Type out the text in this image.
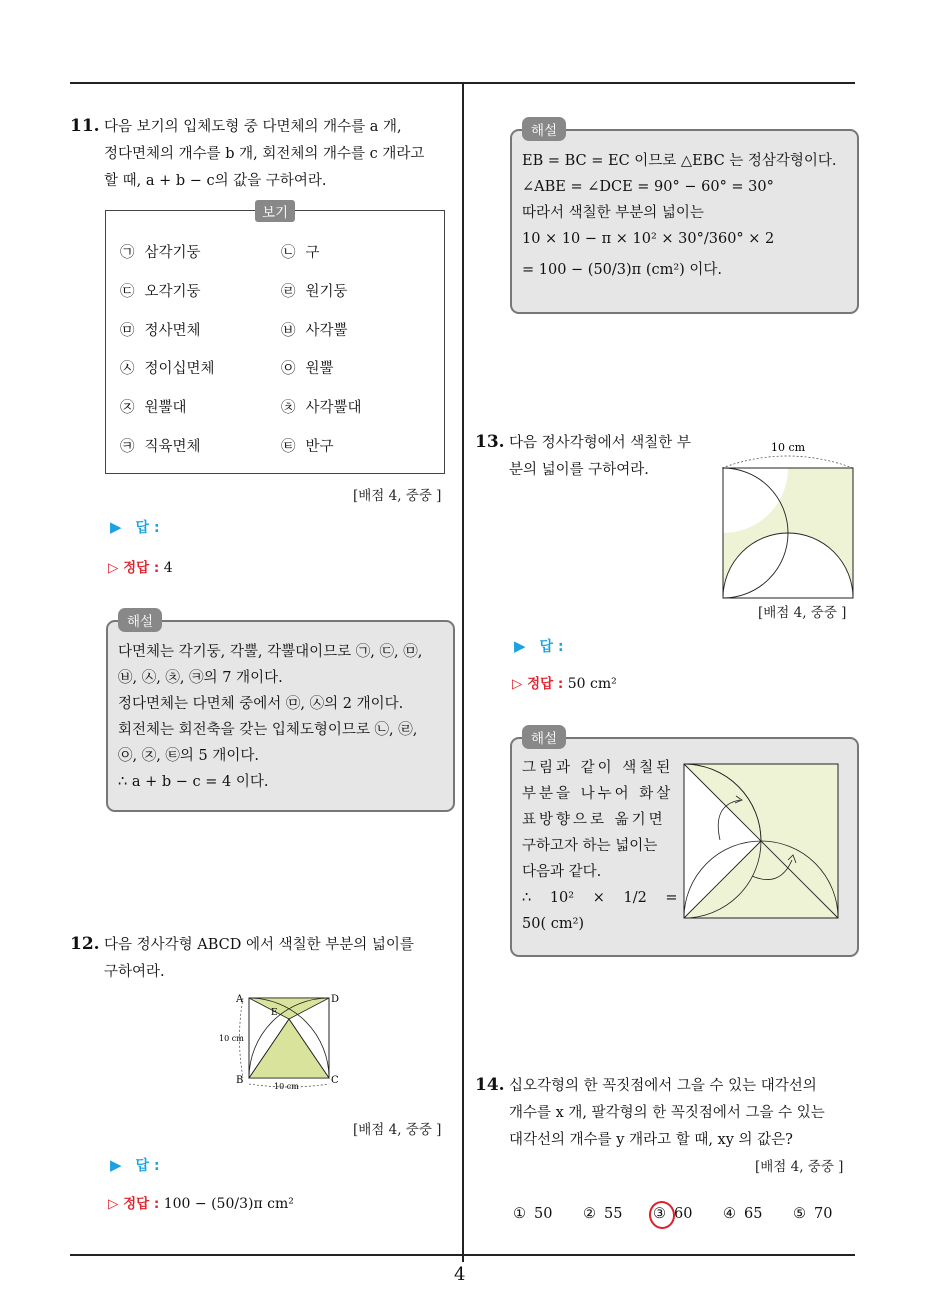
4
11. 다음 보기의 입체도형 중 다면체의 개수를 a 개,
정다면체의 개수를 b 개, 회전체의 개수를 c 개라고
할 때, a + b − c의 값을 구하여라.
보기
㉠ 삼각기둥	㉡ 구
㉢ 오각기둥	㉣ 원기둥
㉤ 정사면체	㉥ 사각뿔
㉦ 정이십면체	㉧ 원뿔
㉨ 원뿔대	㉩ 사각뿔대
㉪ 직육면체	㉫ 반구
[배점 4, 중중 ]
▶ 답 :
▷ 정답 : 4
해설
다면체는 각기둥, 각뿔, 각뿔대이므로 ㉠, ㉢, ㉤,
㉥, ㉦, ㉩, ㉪의 7 개이다.
정다면체는 다면체 중에서 ㉤, ㉦의 2 개이다.
회전체는 회전축을 갖는 입체도형이므로 ㉡, ㉣,
㉧, ㉨, ㉫의 5 개이다.
∴ a + b − c = 4 이다.
12. 다음 정사각형 ABCD 에서 색칠한 부분의 넓이를
구하여라.
A	D
B	C
E
10 cm
10 cm
[배점 4, 중중 ]
▶ 답 :
▷ 정답 : 100 − (50/3)π cm²
해설
EB = BC = EC 이므로 △EBC 는 정삼각형이다.
∠ABE = ∠DCE = 90° − 60° = 30°
따라서 색칠한 부분의 넓이는
10 × 10 − π × 10² × 30°/360° × 2
= 100 − (50/3)π (cm²) 이다.
13. 다음 정사각형에서 색칠한 부
분의 넓이를 구하여라.
10 cm
[배점 4, 중중 ]
▶ 답 :
▷ 정답 : 50 cm²
해설
그림과 같이 색칠된
부분을 나누어 화살
표방향으로 옮기면
구하고자 하는 넓이는
다음과 같다.
∴ 10² × 1/2 =
50( cm²)
14. 십오각형의 한 꼭짓점에서 그을 수 있는 대각선의
개수를 x 개, 팔각형의 한 꼭짓점에서 그을 수 있는
대각선의 개수를 y 개라고 할 때, xy 의 값은?
[배점 4, 중중 ]
① 50 ② 55 ③ 60 ④ 65 ⑤ 70
